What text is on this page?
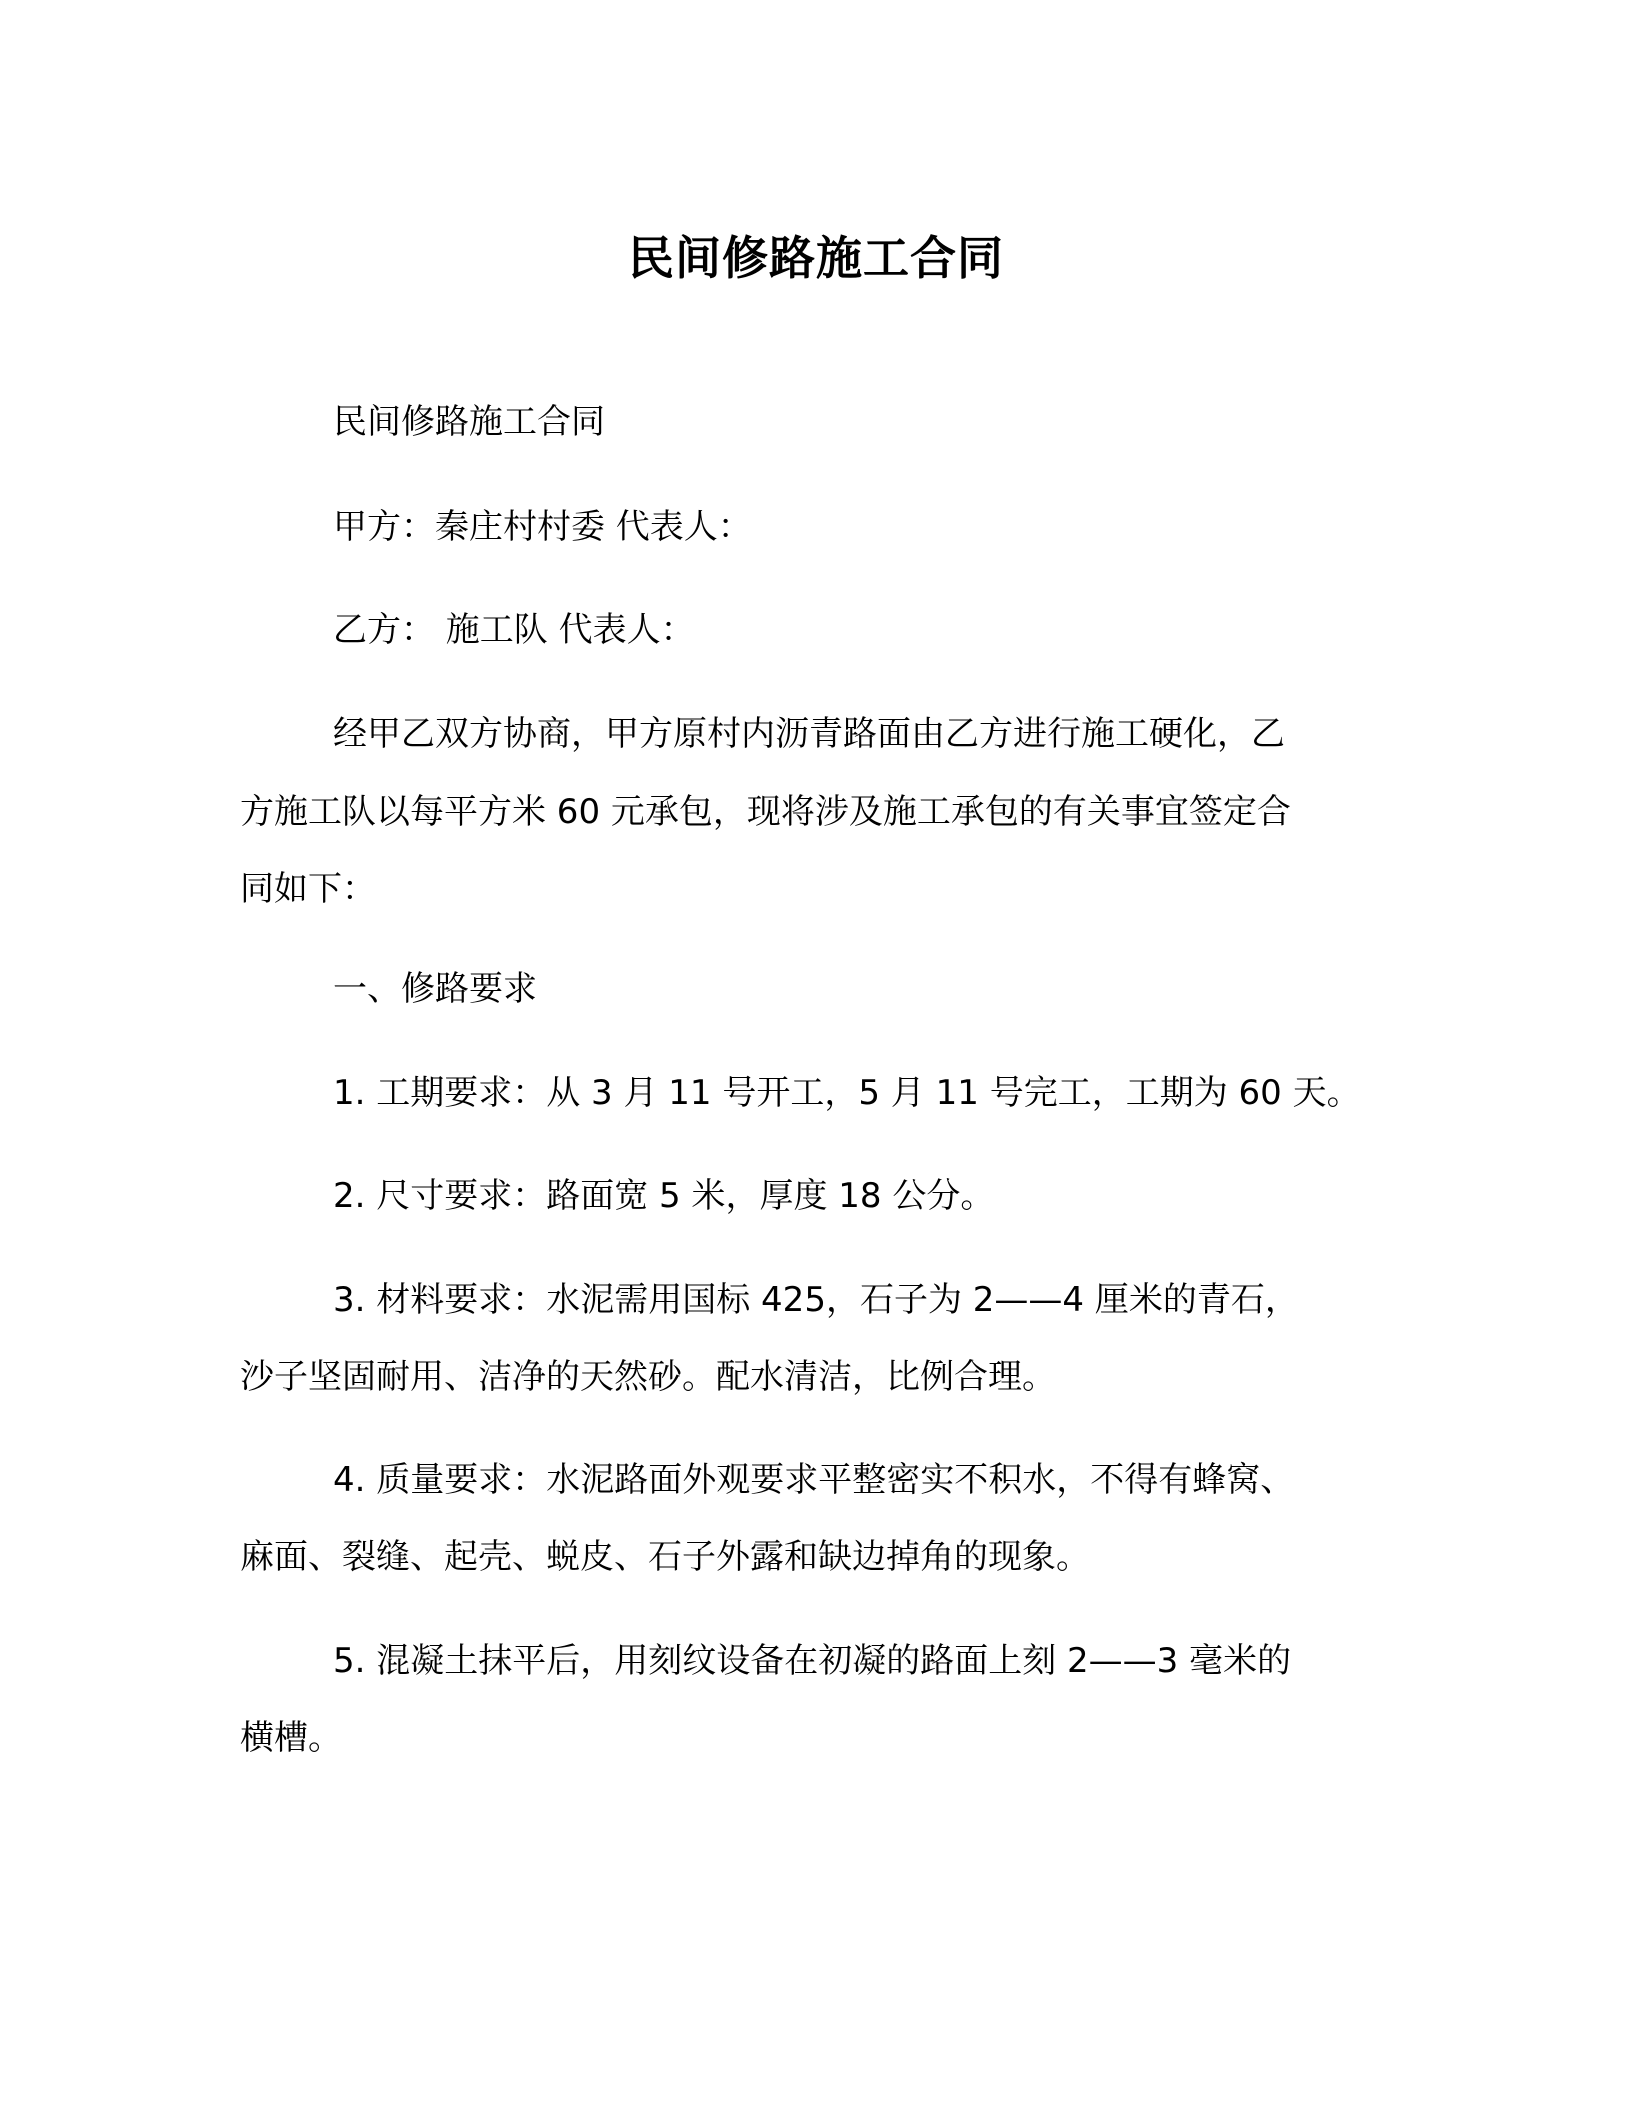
民间修路施工合同
民间修路施工合同
甲方：秦庄村村委 代表人：
乙方： 施工队 代表人：
经甲乙双方协商，甲方原村内沥青路面由乙方进行施工硬化，乙
方施工队以每平方米 60 元承包，现将涉及施工承包的有关事宜签定合
同如下：
一、修路要求
1. 工期要求：从 3 月 11 号开工，5 月 11 号完工，工期为 60 天。
2. 尺寸要求：路面宽 5 米，厚度 18 公分。
3. 材料要求：水泥需用国标 425，石子为 2——4 厘米的青石，
沙子坚固耐用、洁净的天然砂。配水清洁，比例合理。
4. 质量要求：水泥路面外观要求平整密实不积水，不得有蜂窝、
麻面、裂缝、起壳、蜕皮、石子外露和缺边掉角的现象。
5. 混凝土抹平后，用刻纹设备在初凝的路面上刻 2——3 毫米的
横槽。
